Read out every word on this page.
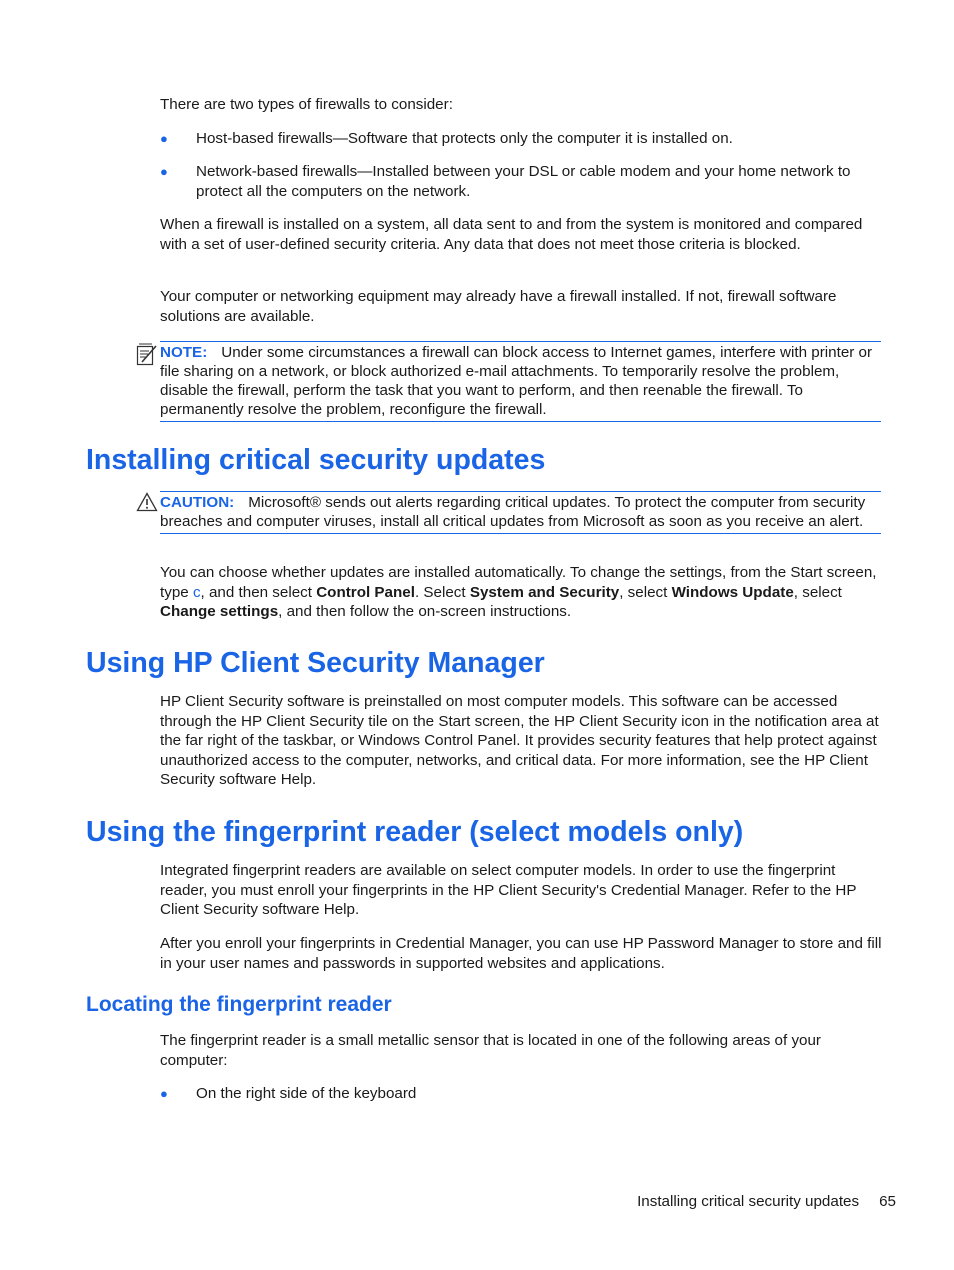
There are two types of firewalls to consider:

● Host-based firewalls—Software that protects only the computer it is installed on.
● Network-based firewalls—Installed between your DSL or cable modem and your home network to protect all the computers on the network.

When a firewall is installed on a system, all data sent to and from the system is monitored and compared with a set of user-defined security criteria. Any data that does not meet those criteria is blocked.

Your computer or networking equipment may already have a firewall installed. If not, firewall software solutions are available.

NOTE: Under some circumstances a firewall can block access to Internet games, interfere with printer or file sharing on a network, or block authorized e-mail attachments. To temporarily resolve the problem, disable the firewall, perform the task that you want to perform, and then reenable the firewall. To permanently resolve the problem, reconfigure the firewall.
Installing critical security updates
CAUTION: Microsoft® sends out alerts regarding critical updates. To protect the computer from security breaches and computer viruses, install all critical updates from Microsoft as soon as you receive an alert.

You can choose whether updates are installed automatically. To change the settings, from the Start screen, type c, and then select Control Panel. Select System and Security, select Windows Update, select Change settings, and then follow the on-screen instructions.

Using HP Client Security Manager

HP Client Security software is preinstalled on most computer models. This software can be accessed through the HP Client Security tile on the Start screen, the HP Client Security icon in the notification area at the far right of the taskbar, or Windows Control Panel. It provides security features that help protect against unauthorized access to the computer, networks, and critical data. For more information, see the HP Client Security software Help.

Using the fingerprint reader (select models only)

Integrated fingerprint readers are available on select computer models. In order to use the fingerprint reader, you must enroll your fingerprints in the HP Client Security's Credential Manager. Refer to the HP Client Security software Help.

After you enroll your fingerprints in Credential Manager, you can use HP Password Manager to store and fill in your user names and passwords in supported websites and applications.

Locating the fingerprint reader

The fingerprint reader is a small metallic sensor that is located in one of the following areas of your computer:

● On the right side of the keyboard
Installing critical security updates 65
